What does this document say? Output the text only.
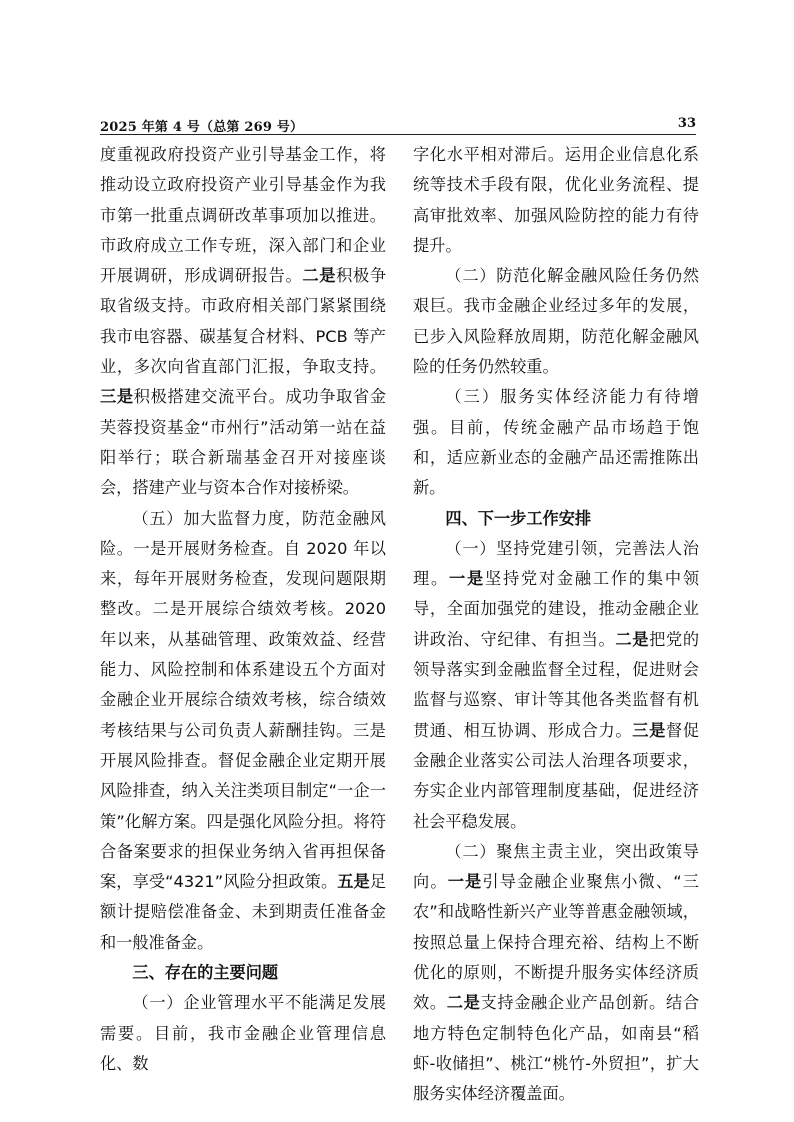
2025 年第 4 号（总第 269 号）	33

度重视政府投资产业引导基金工作，将推动设立政府投资产业引导基金作为我市第一批重点调研改革事项加以推进。市政府成立工作专班，深入部门和企业开展调研，形成调研报告。二是积极争取省级支持。市政府相关部门紧紧围绕我市电容器、碳基复合材料、PCB 等产业，多次向省直部门汇报，争取支持。三是积极搭建交流平台。成功争取省金芙蓉投资基金“市州行”活动第一站在益阳举行；联合新瑞基金召开对接座谈会，搭建产业与资本合作对接桥梁。

（五）加大监督力度，防范金融风险。一是开展财务检查。自 2020 年以来，每年开展财务检查，发现问题限期整改。二是开展综合绩效考核。2020 年以来，从基础管理、政策效益、经营能力、风险控制和体系建设五个方面对金融企业开展综合绩效考核，综合绩效考核结果与公司负责人薪酬挂钩。三是开展风险排查。督促金融企业定期开展风险排查，纳入关注类项目制定“一企一策”化解方案。四是强化风险分担。将符合备案要求的担保业务纳入省再担保备案，享受“4321”风险分担政策。五是足额计提赔偿准备金、未到期责任准备金和一般准备金。

三、存在的主要问题

（一）企业管理水平不能满足发展需要。目前，我市金融企业管理信息化、数

字化水平相对滞后。运用企业信息化系统等技术手段有限，优化业务流程、提高审批效率、加强风险防控的能力有待提升。

（二）防范化解金融风险任务仍然艰巨。我市金融企业经过多年的发展，已步入风险释放周期，防范化解金融风险的任务仍然较重。

（三）服务实体经济能力有待增强。目前，传统金融产品市场趋于饱和，适应新业态的金融产品还需推陈出新。

四、下一步工作安排

（一）坚持党建引领，完善法人治理。一是坚持党对金融工作的集中领导，全面加强党的建设，推动金融企业讲政治、守纪律、有担当。二是把党的领导落实到金融监督全过程，促进财会监督与巡察、审计等其他各类监督有机贯通、相互协调、形成合力。三是督促金融企业落实公司法人治理各项要求，夯实企业内部管理制度基础，促进经济社会平稳发展。

（二）聚焦主责主业，突出政策导向。一是引导金融企业聚焦小微、“三农”和战略性新兴产业等普惠金融领域，按照总量上保持合理充裕、结构上不断优化的原则，不断提升服务实体经济质效。二是支持金融企业产品创新。结合地方特色定制特色化产品，如南县“稻虾-收储担”、桃江“桃竹-外贸担”，扩大服务实体经济覆盖面。
